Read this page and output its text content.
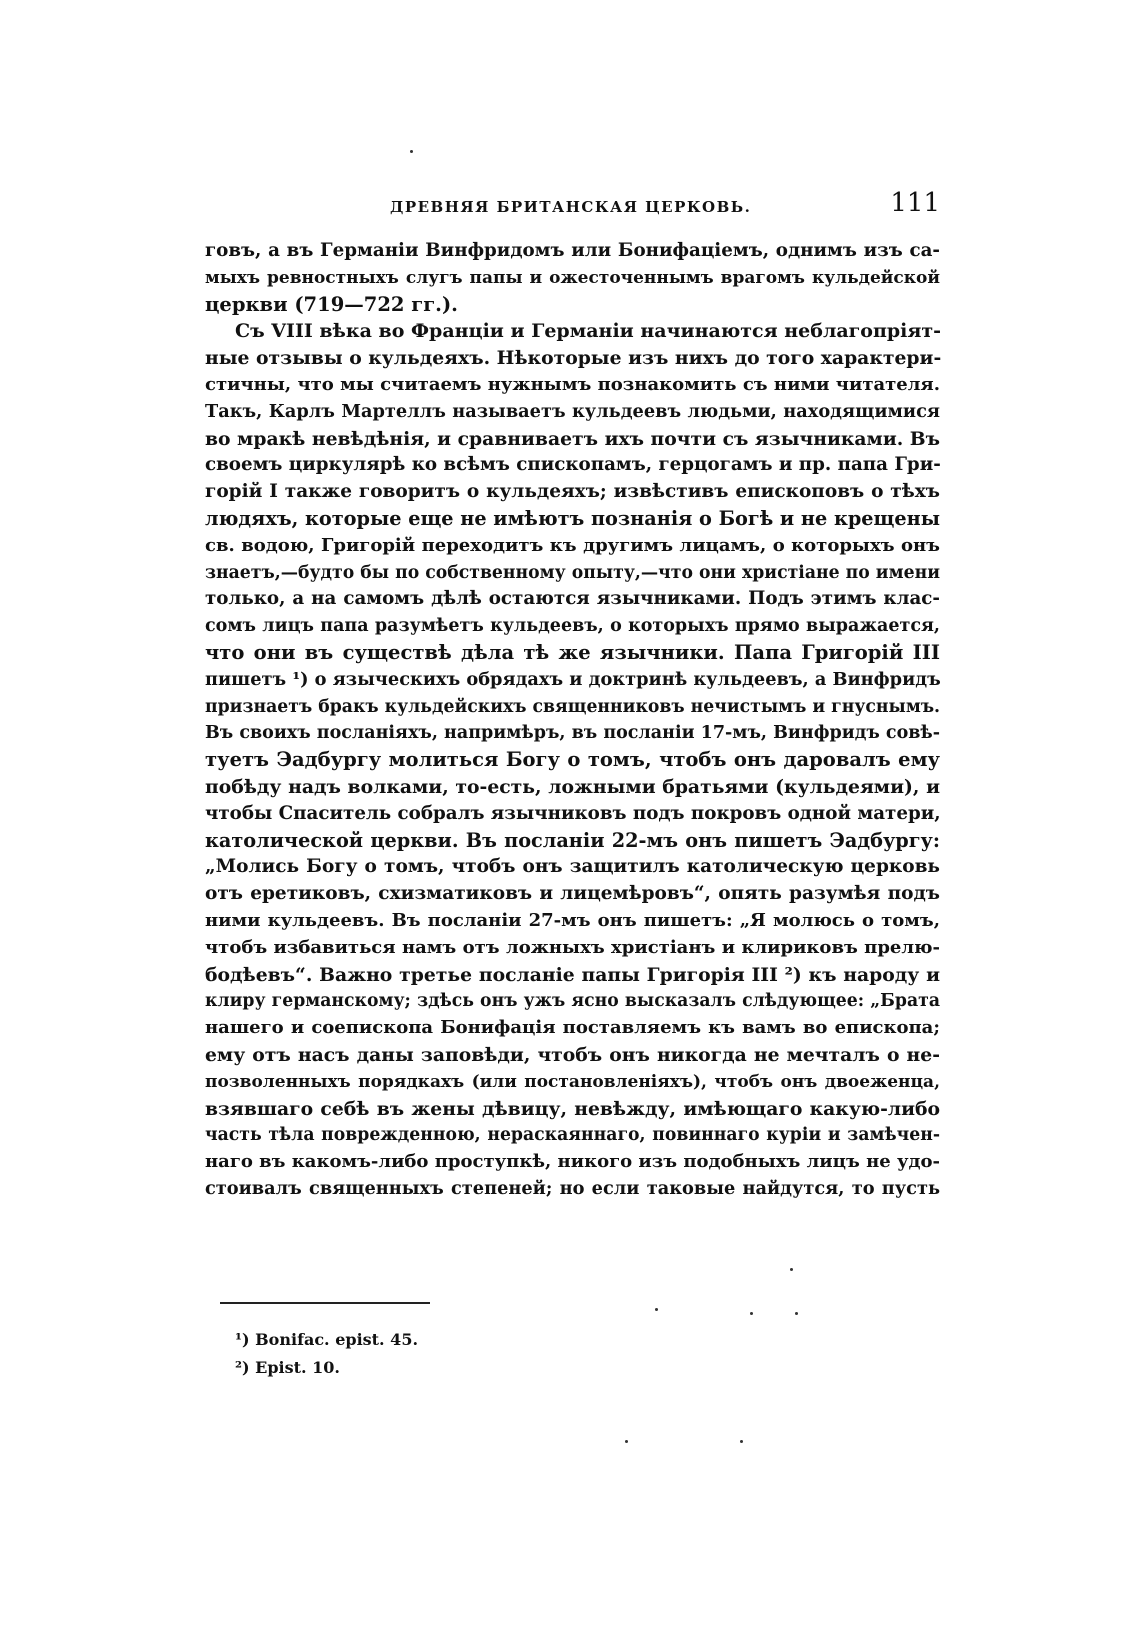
ДРЕВНЯЯ БРИТАНСКАЯ ЦЕРКОВЬ.	111
говъ, а въ Германіи Винфридомъ или Бонифаціемъ, однимъ изъ са-
мыхъ ревностныхъ слугъ папы и ожесточеннымъ врагомъ кульдейской
церкви (719—722 гг.).
Съ VIII вѣка во Франціи и Германіи начинаются неблагопріят-
ные отзывы о кульдеяхъ. Нѣкоторые изъ нихъ до того характери-
стичны, что мы считаемъ нужнымъ познакомить съ ними читателя.
Такъ, Карлъ Мартеллъ называетъ кульдеевъ людьми, находящимися
во мракѣ невѣдѣнія, и сравниваетъ ихъ почти съ язычниками. Въ
своемъ циркулярѣ ко всѣмъ спископамъ, герцогамъ и пр. папа Гри-
горій I также говоритъ о кульдеяхъ; извѣстивъ епископовъ о тѣхъ
людяхъ, которые еще не имѣютъ познанія о Богѣ и не крещены
св. водою, Григорій переходитъ къ другимъ лицамъ, о которыхъ онъ
знаетъ,—будто бы по собственному опыту,—что они христіане по имени
только, а на самомъ дѣлѣ остаются язычниками. Подъ этимъ клас-
сомъ лицъ папа разумѣетъ кульдеевъ, о которыхъ прямо выражается,
что они въ существѣ дѣла тѣ же язычники. Папа Григорій III
пишетъ ¹) о языческихъ обрядахъ и доктринѣ кульдеевъ, а Винфридъ
признаетъ бракъ кульдейскихъ священниковъ нечистымъ и гнуснымъ.
Въ своихъ посланіяхъ, напримѣръ, въ посланіи 17-мъ, Винфридъ совѣ-
туетъ Эадбургу молиться Богу о томъ, чтобъ онъ даровалъ ему
побѣду надъ волками, то-есть, ложными братьями (кульдеями), и
чтобы Спаситель собралъ язычниковъ подъ покровъ одной матери,
католической церкви. Въ посланіи 22-мъ онъ пишетъ Эадбургу:
„Молись Богу о томъ, чтобъ онъ защитилъ католическую церковь
отъ еретиковъ, схизматиковъ и лицемѣровъ“, опять разумѣя подъ
ними кульдеевъ. Въ посланіи 27-мъ онъ пишетъ: „Я молюсь о томъ,
чтобъ избавиться намъ отъ ложныхъ христіанъ и клириковъ прелю-
бодѣевъ“. Важно третье посланіе папы Григорія III ²) къ народу и
клиру германскому; здѣсь онъ ужъ ясно высказалъ слѣдующее: „Брата
нашего и соепископа Бонифація поставляемъ къ вамъ во епископа;
ему отъ насъ даны заповѣди, чтобъ онъ никогда не мечталъ о не-
позволенныхъ порядкахъ (или постановленіяхъ), чтобъ онъ двоеженца,
взявшаго себѣ въ жены дѣвицу, невѣжду, имѣющаго какую-либо
часть тѣла поврежденною, нераскаяннаго, повиннаго куріи и замѣчен-
наго въ какомъ-либо проступкѣ, никого изъ подобныхъ лицъ не удо-
стоивалъ священныхъ степеней; но если таковые найдутся, то пусть
¹) Bonifac. epist. 45.
²) Epist. 10.
